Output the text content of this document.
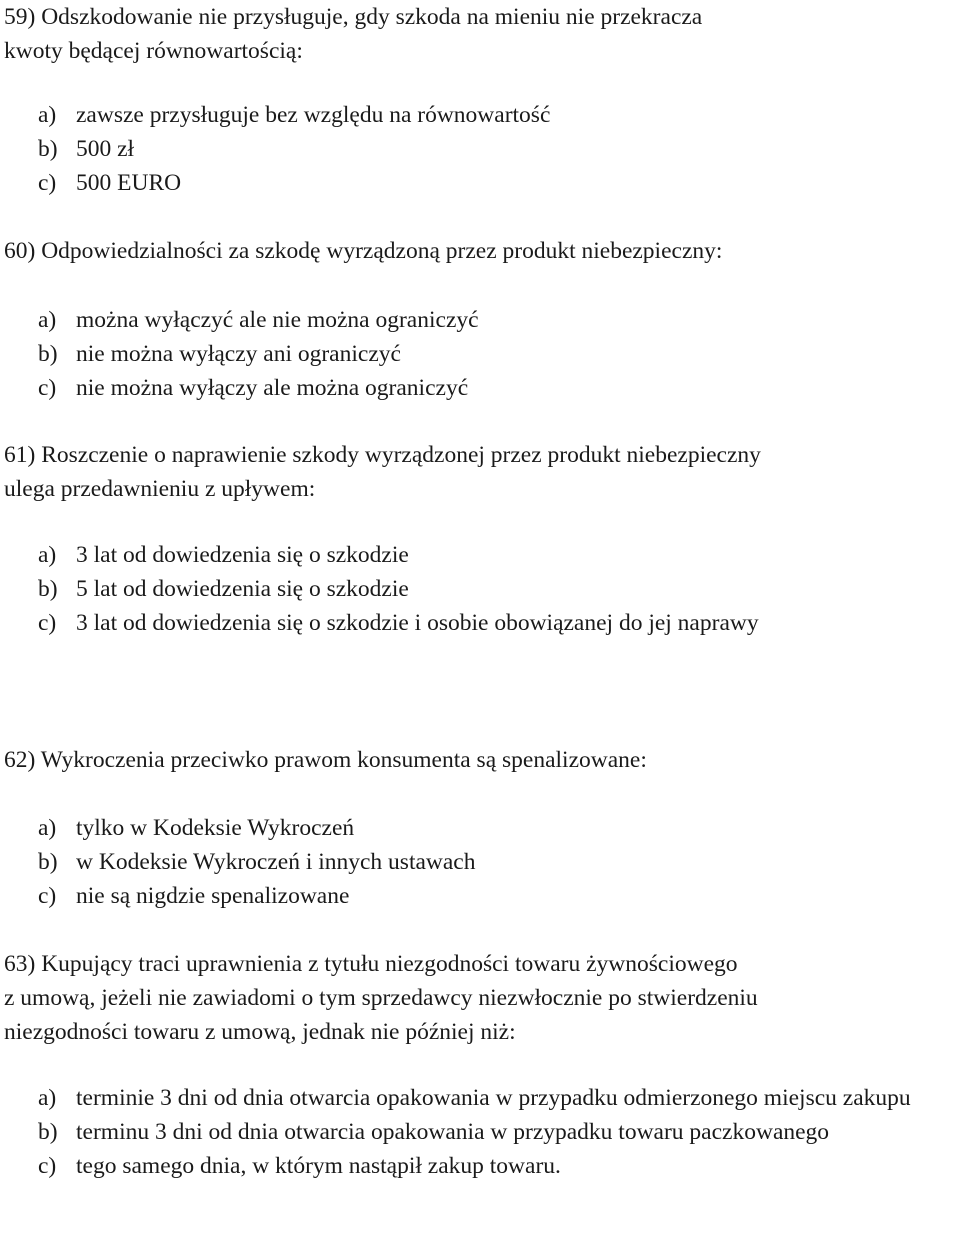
59) Odszkodowanie nie przysługuje, gdy szkoda na mieniu nie przekracza
kwoty będącej równowartością:

a) zawsze przysługuje bez względu na równowartość
b) 500 zł
c) 500 EURO

60) Odpowiedzialności za szkodę wyrządzoną przez produkt niebezpieczny:

a) można wyłączyć ale nie można ograniczyć
b) nie można wyłączy ani ograniczyć
c) nie można wyłączy ale można ograniczyć

61) Roszczenie o naprawienie szkody wyrządzonej przez produkt niebezpieczny
ulega przedawnieniu z upływem:

a) 3 lat od dowiedzenia się o szkodzie
b) 5 lat od dowiedzenia się o szkodzie
c) 3 lat od dowiedzenia się o szkodzie i osobie obowiązanej do jej naprawy

62) Wykroczenia przeciwko prawom konsumenta są spenalizowane:

a) tylko w Kodeksie Wykroczeń
b) w Kodeksie Wykroczeń i innych ustawach
c) nie są nigdzie spenalizowane

63) Kupujący traci uprawnienia z tytułu niezgodności towaru żywnościowego
z umową, jeżeli nie zawiadomi o tym sprzedawcy niezwłocznie po stwierdzeniu
niezgodności towaru z umową, jednak nie później niż:

a) terminie 3 dni od dnia otwarcia opakowania w przypadku odmierzonego miejscu zakupu
b) terminu 3 dni od dnia otwarcia opakowania w przypadku towaru paczkowanego
c) tego samego dnia, w którym nastąpił zakup towaru.
